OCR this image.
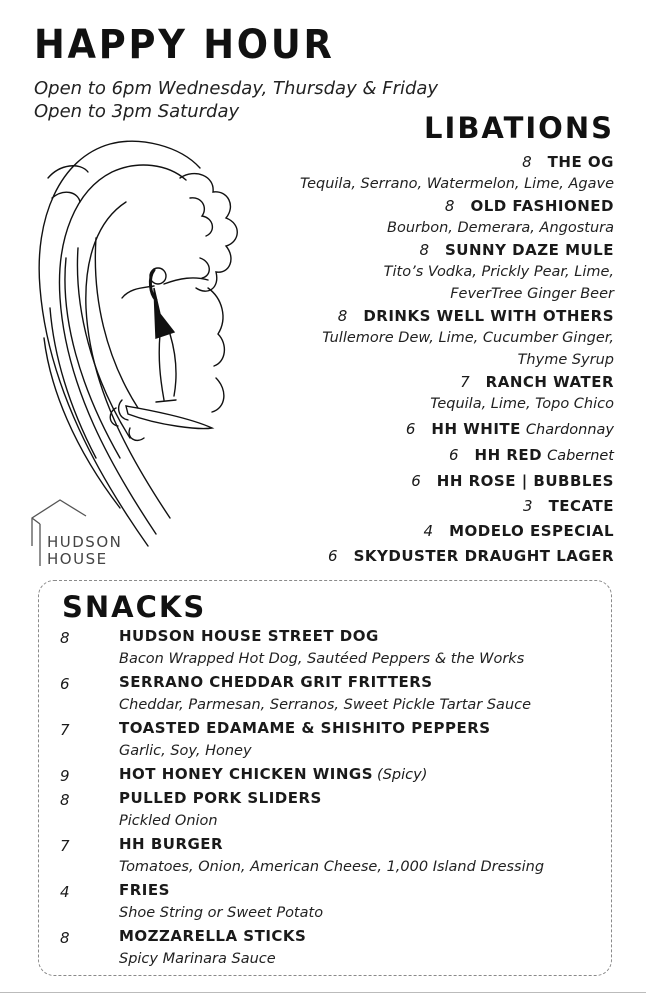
HAPPY HOUR
Open to 6pm Wednesday, Thursday & Friday
Open to 3pm Saturday
HUDSON
HOUSE
LIBATIONS
8 THE OG
Tequila, Serrano, Watermelon, Lime, Agave
8 OLD FASHIONED
Bourbon, Demerara, Angostura
8 SUNNY DAZE MULE
Tito’s Vodka, Prickly Pear, Lime,
FeverTree Ginger Beer
8 DRINKS WELL WITH OTHERS
Tullemore Dew, Lime, Cucumber Ginger,
Thyme Syrup
7 RANCH WATER
Tequila, Lime, Topo Chico
6 HH WHITE Chardonnay
6 HH RED Cabernet
6 HH ROSE | BUBBLES
3 TECATE
4 MODELO ESPECIAL
6 SKYDUSTER DRAUGHT LAGER
SNACKS
8	HUDSON HOUSE STREET DOG
Bacon Wrapped Hot Dog, Sautéed Peppers & the Works
6	SERRANO CHEDDAR GRIT FRITTERS
Cheddar, Parmesan, Serranos, Sweet Pickle Tartar Sauce
7	TOASTED EDAMAME & SHISHITO PEPPERS
Garlic, Soy, Honey
9	HOT HONEY CHICKEN WINGS (Spicy)
8	PULLED PORK SLIDERS
Pickled Onion
7	HH BURGER
Tomatoes, Onion, American Cheese, 1,000 Island Dressing
4	FRIES
Shoe String or Sweet Potato
8	MOZZARELLA STICKS
Spicy Marinara Sauce
